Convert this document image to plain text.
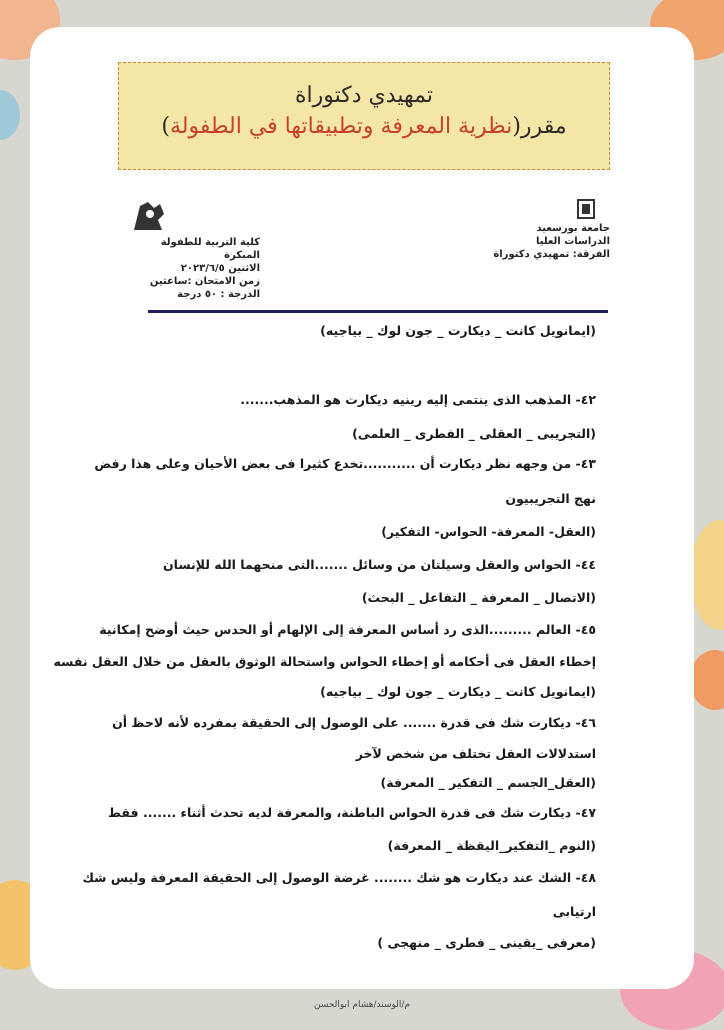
تمهيدي دكتوراة
مقرر(نظرية المعرفة وتطبيقاتها في الطفولة)
جامعة بورسعيد
الدراسات العليا
الفرقة: تمهيدي دكتوراة
كلية التربية للطفولة المبكرة
الاثنين ٢٠٢٣/٦/٥
زمن الامتحان :ساعتين
الدرجة : ٥٠ درجة
(ايمانويل كانت _ ديكارت _ جون لوك _ بياجيه)
٤٢- المذهب الذى ينتمى إليه رينيه ديكارت هو المذهب.......
(التجريبى _ العقلى _ الفطرى _ العلمى)
٤٣- من وجهه نظر ديكارت أن ...........تخدع كثيرا فى بعض الأحيان وعلى هذا رفض
نهج التجريبيون
(العقل- المعرفة- الحواس- التفكير)
٤٤- الحواس والعقل وسيلتان من وسائل .......التى منحهما الله للإنسان
(الاتصال _ المعرفة _ التفاعل _ البحث)
٤٥- العالم .........الذى رد أساس المعرفة إلى الإلهام أو الحدس حيث أوضح إمكانية
إخطاء العقل فى أحكامه أو إخطاء الحواس واستحالة الوثوق بالعقل من خلال العقل نفسه
(ايمانويل كانت _ ديكارت _ جون لوك _ بياجيه)
٤٦- ديكارت شك فى قدرة ....... على الوصول إلى الحقيقة بمفرده لأنه لاحظ أن
استدلالات العقل تختلف من شخص لآخر
(العقل_الجسم _ التفكير _ المعرفة)
٤٧- ديكارت شك فى قدرة الحواس الباطنة، والمعرفة لديه تحدث أثناء ....... فقط
(النوم _التفكير_اليقظة _ المعرفة)
٤٨- الشك عند ديكارت هو شك ........ غرضة الوصول إلى الحقيقة المعرفة وليس شك
ارتيابى
(معرفى _يقينى _ فطرى _ منهجى )
م/الوسند/هشام ابوالحسن
